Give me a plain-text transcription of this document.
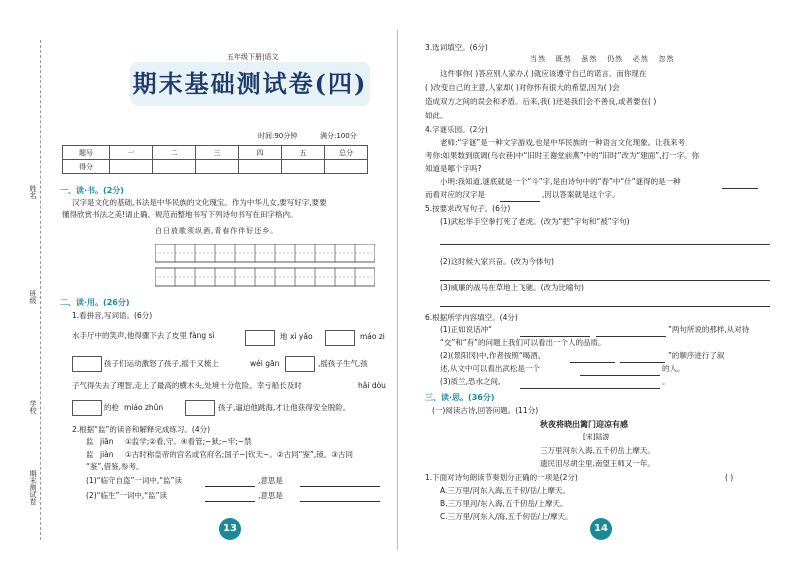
姓名
班级
学校
期末测试卷
五年级下册|语文
期末基础测试卷(四)
时间:90分钟	满分:100分
题号	一	二	三	四	五	总分
得分						
一、读·书。(2分)
汉字是文化的基础,书法是中华民族的文化瑰宝。作为中华儿女,要写好字,要要
懂得欣赏书法之美!请止确、规范而整地书写下列诗句书写在田字格内。
白日放歌须纵酒,青春作伴好还乡。
二、读·用。(26分)
1.看拼音,写词语。(6分)
水手厅中的笑声,他得骤下去了皮里 fàng sì	地 xì yǎo	máo zi
孩子们运动激怒了孩子,摇于又梳上	wéi gān	,摇孩子生气,孩
子气得失去了理智,走上了最高的横木头,处境十分危险。幸亏船长及时	hǎi dòu
的枪 miáo zhǔn	孩子,逼迫他跳海,才让他获得安全脱险。
2.根据“监”的读音和解释完成练习。(4分)
监 jiān ①监学;②看,守。④看管;~狱;~牢;~禁
监 jiàn ①古时称皇帝的宫名或官府名;国子~|钦天~。②古同“鉴”,镜。③古同
“鉴”,借鉴,参考。
(1)“临守自盗”一词中,“监”读	,意思是
(2)“临生”一词中,“监”读	,意思是
13
3.选词填空。(6分)
当然 既然 虽然 仍然 必然 忽然
这件事你( )答应别人家办,( )就应该遵守自己的诺言。而你现在
( )改变自己的主意,人家却( )对你怀有很大的希望,因为( )会
造成双方之间的误会和矛盾。后来,我( )还是我们会不善良,或者要在( )
如此。
4.字谜乐园。(2分)
老师:“字谜”是一种文字游戏,也是中华民族的一种语言文化现象。让我来考
考你:如果数到底调(乌衣巷)中“旧时王谢堂前燕”中的“旧时”改为“建面”,打一字。你
知道是哪个字吗?
小明:我知道,谜底就是一个“斗”字,是由诗句中的“春”中“什”谜得的是一种
而看对应的汉字是	,因以答案就是这个字。
5.按要求改写句子。(6分)
(1)武松举手空拳打死了老虎。(改为“把”字句和“被”字句)
(2)这时候大家兴奋。(改为今体句)
(3)威廉的战马在草地上飞驰。(改为比喻句)
6.根据所学内容填空。(4分)
(1)正如说话冲“	”两句所说的那样,从对待
“交”和“有”的问题上我们可以看出一个人的品质。
(2)(景阳冈)中,作者按照“喝酒、	”的顺序进行了叙
述,从文中可以看出武松是一个	的人。
(3)质兰,恐水之间,	。
三、读·思。(36分)
(一)阅读古诗,回答问题。(11分)
秋夜将晓出篱门迎凉有感
[宋]陆游
三万里河东入海,五千仞岳上摩天。
遗民泪尽胡尘里,南望王师又一年。
1.下面对诗句朗读节奏划分正确的一项是(2分)	( )
A.三万里/河东入海,五千仞/岳/上摩天。
B.三万里河/东入海,五千仞岳/上摩天。
C.三万里/河东入/海,五千仞岳/上/摩天。
14
